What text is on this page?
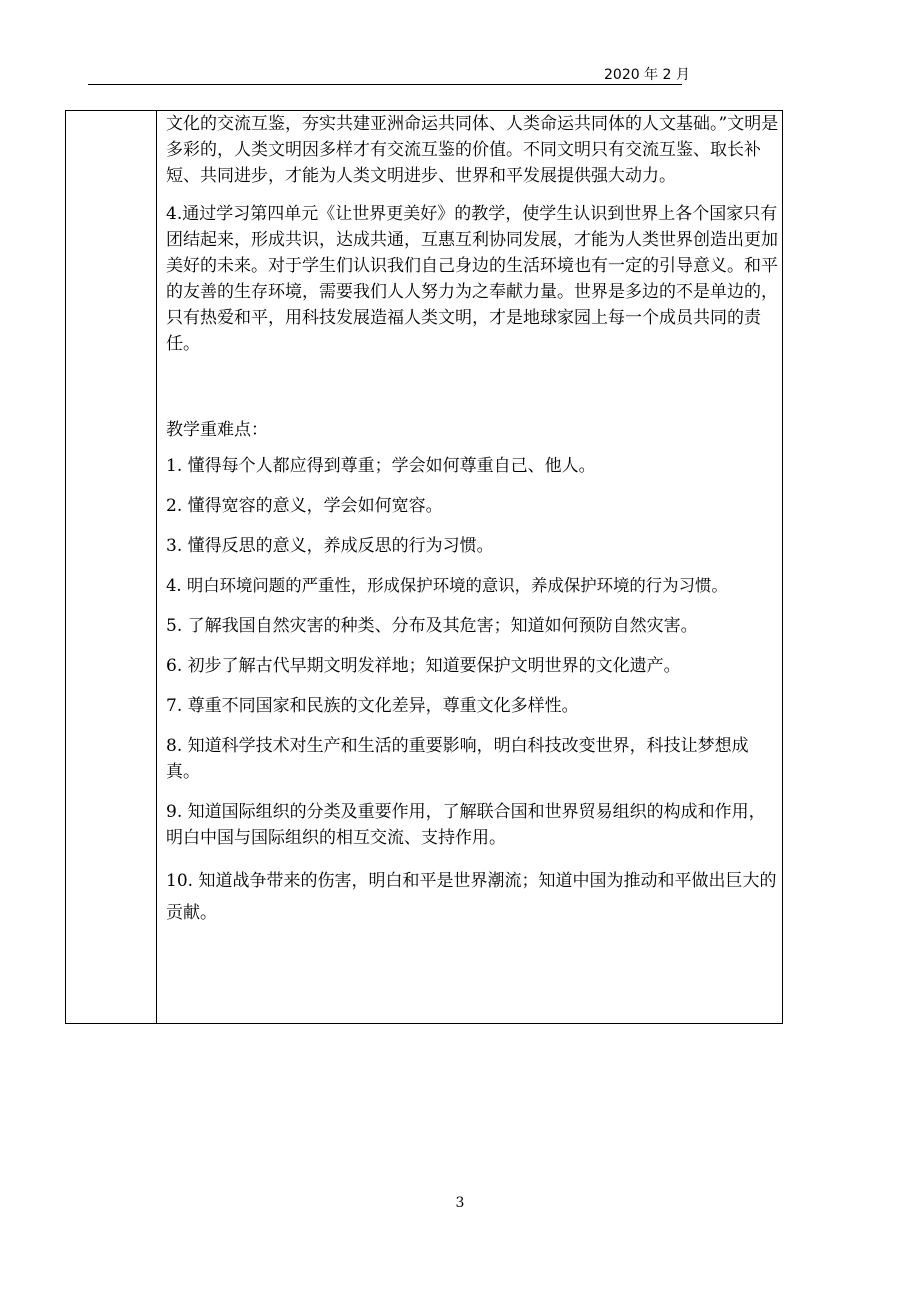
2020 年 2 月

文化的交流互鉴，夯实共建亚洲命运共同体、人类命运共同体的人文基础。”文明是多彩的，人类文明因多样才有交流互鉴的价值。不同文明只有交流互鉴、取长补短、共同进步，才能为人类文明进步、世界和平发展提供强大动力。

4.通过学习第四单元《让世界更美好》的教学，使学生认识到世界上各个国家只有团结起来，形成共识，达成共通，互惠互利协同发展，才能为人类世界创造出更加美好的未来。对于学生们认识我们自己身边的生活环境也有一定的引导意义。和平的友善的生存环境，需要我们人人努力为之奉献力量。世界是多边的不是单边的，只有热爱和平，用科技发展造福人类文明，才是地球家园上每一个成员共同的责任。

教学重难点：

1. 懂得每个人都应得到尊重；学会如何尊重自己、他人。

2. 懂得宽容的意义，学会如何宽容。

3. 懂得反思的意义，养成反思的行为习惯。

4. 明白环境问题的严重性，形成保护环境的意识，养成保护环境的行为习惯。

5. 了解我国自然灾害的种类、分布及其危害；知道如何预防自然灾害。

6. 初步了解古代早期文明发祥地；知道要保护文明世界的文化遗产。

7. 尊重不同国家和民族的文化差异，尊重文化多样性。

8. 知道科学技术对生产和生活的重要影响，明白科技改变世界，科技让梦想成真。

9. 知道国际组织的分类及重要作用，了解联合国和世界贸易组织的构成和作用，明白中国与国际组织的相互交流、支持作用。

10. 知道战争带来的伤害，明白和平是世界潮流；知道中国为推动和平做出巨大的贡献。

3
